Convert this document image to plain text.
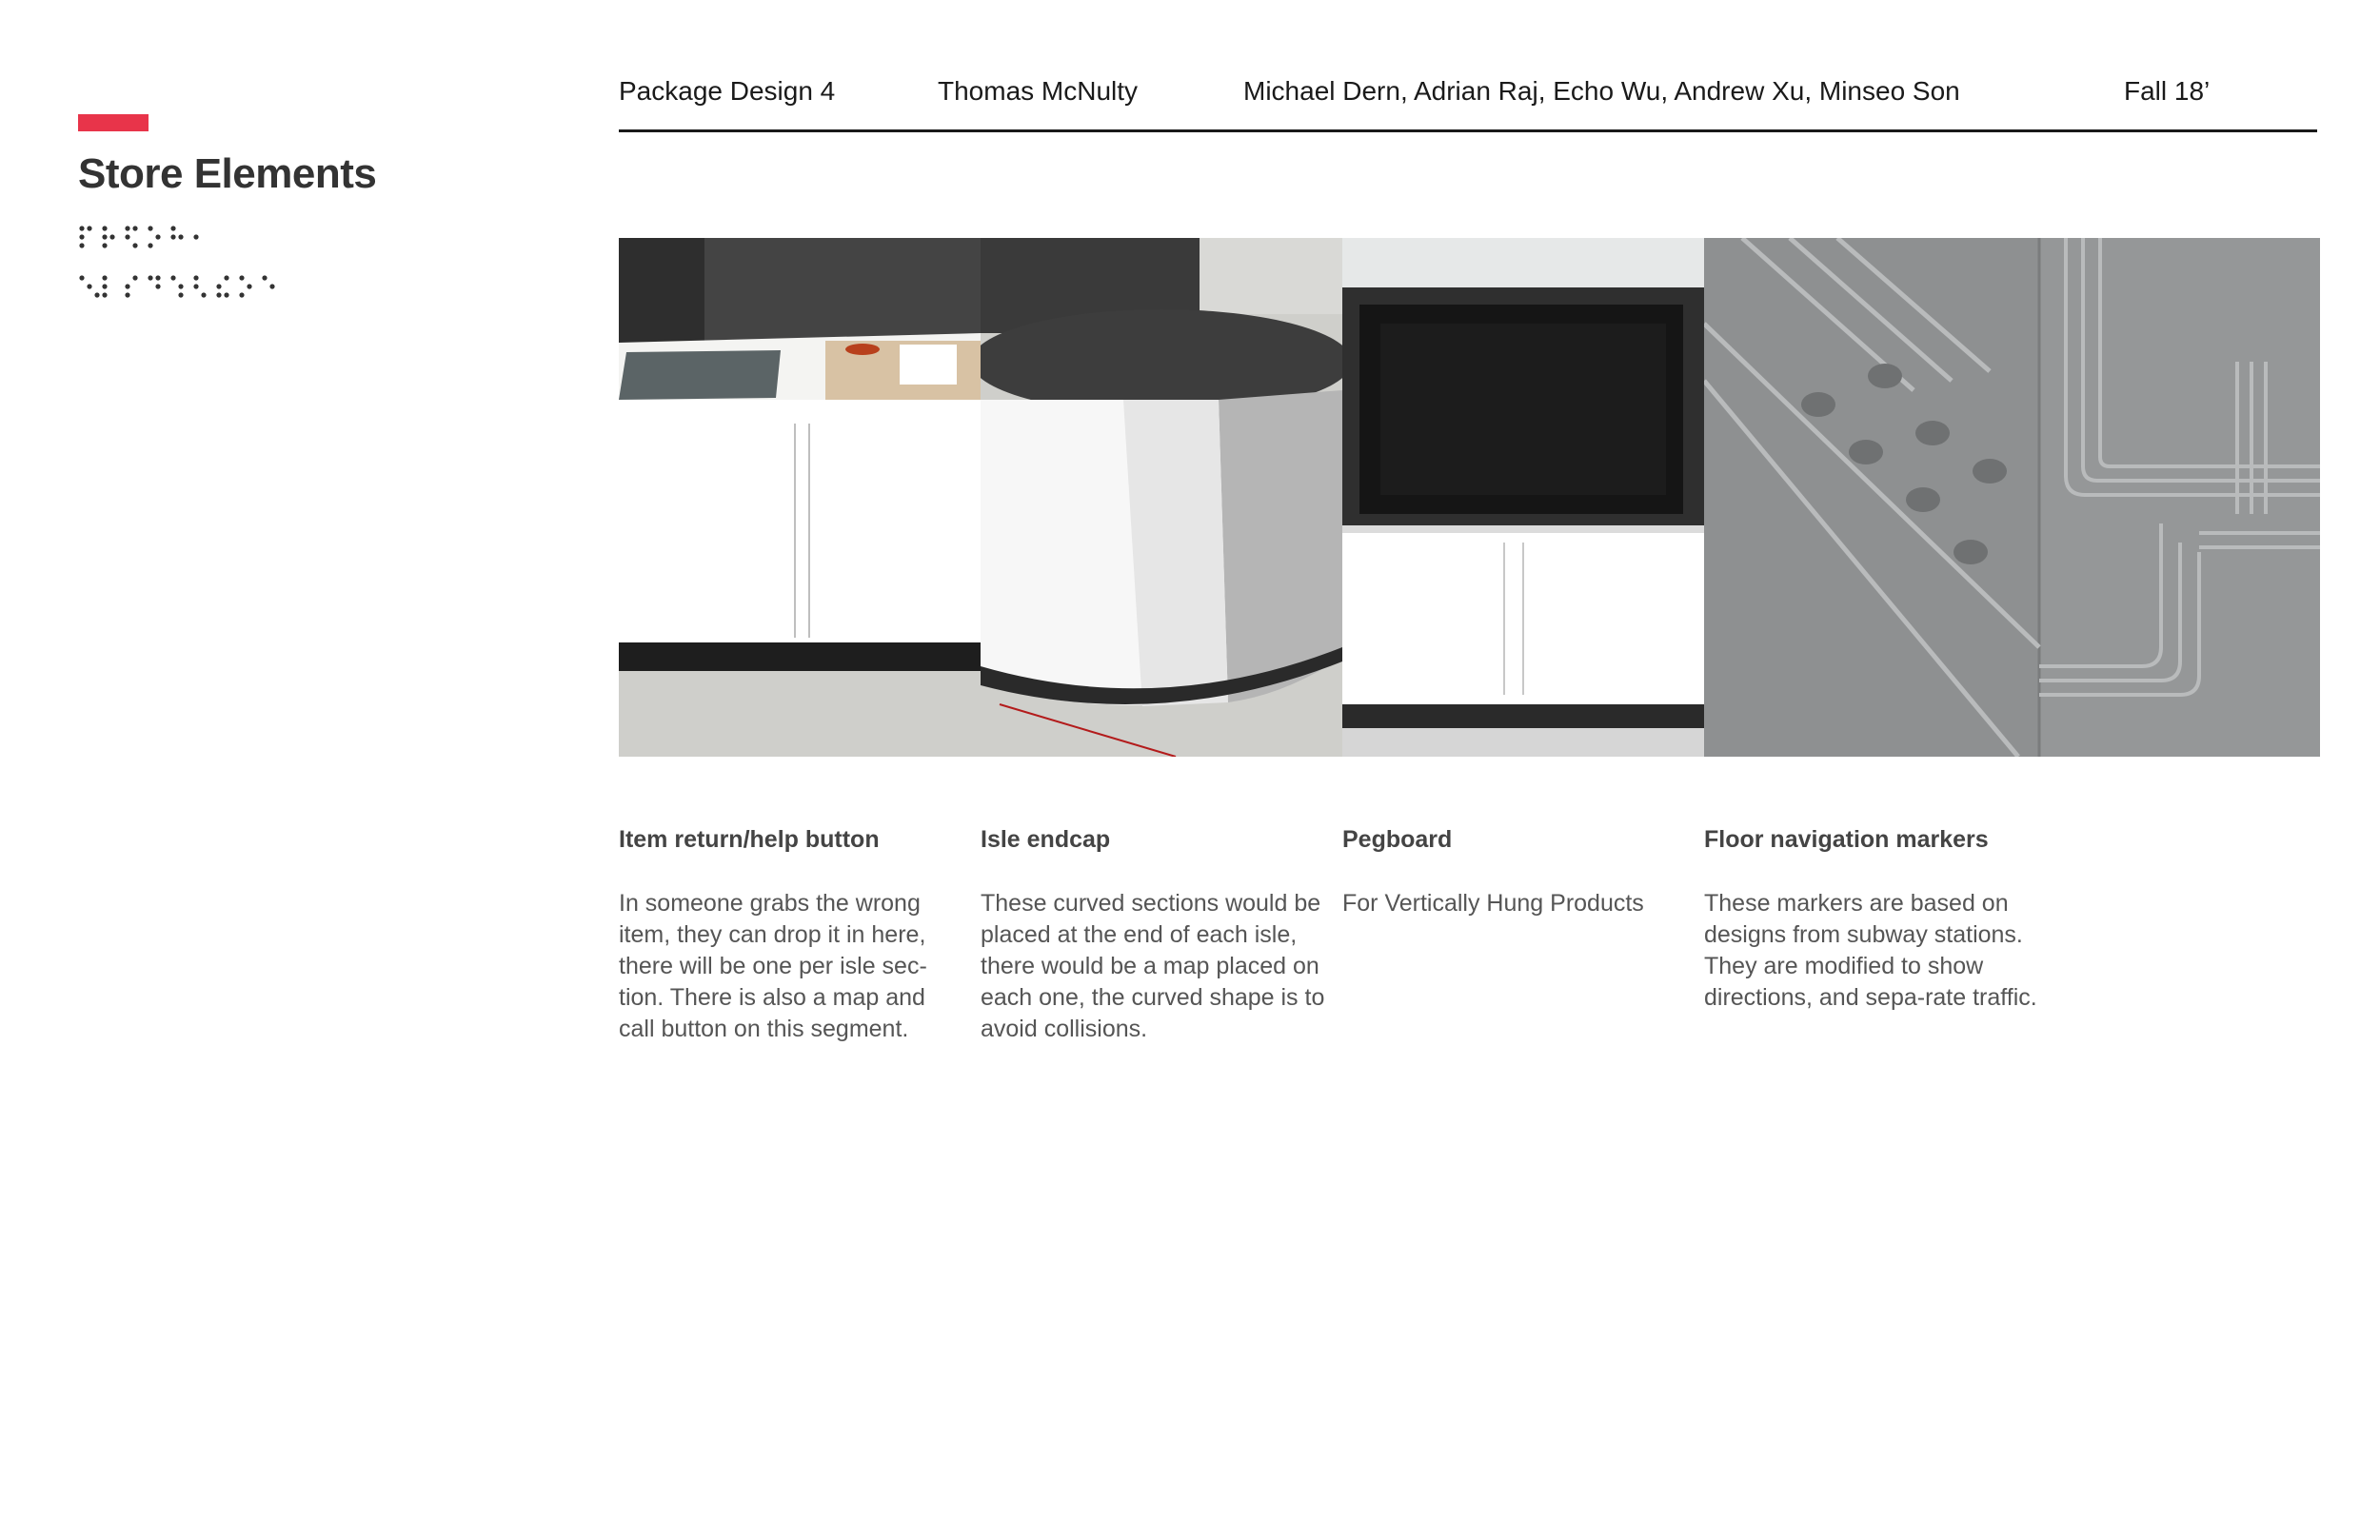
Store Elements
Package Design 4	Thomas McNulty	Michael Dern, Adrian Raj, Echo Wu, Andrew Xu, Minseo Son	Fall 18’
Item return/help button

In someone grabs the wrong item, they can drop it in here, there will be one per isle sec-tion. There is also a map and call button on this segment.

Isle endcap

These curved sections would be placed at the end of each isle, there would be a map placed on each one, the curved shape is to avoid collisions.

Pegboard

For Vertically Hung Products

Floor navigation markers

These markers are based on designs from subway stations. They are modified to show directions, and sepa-rate traffic.
